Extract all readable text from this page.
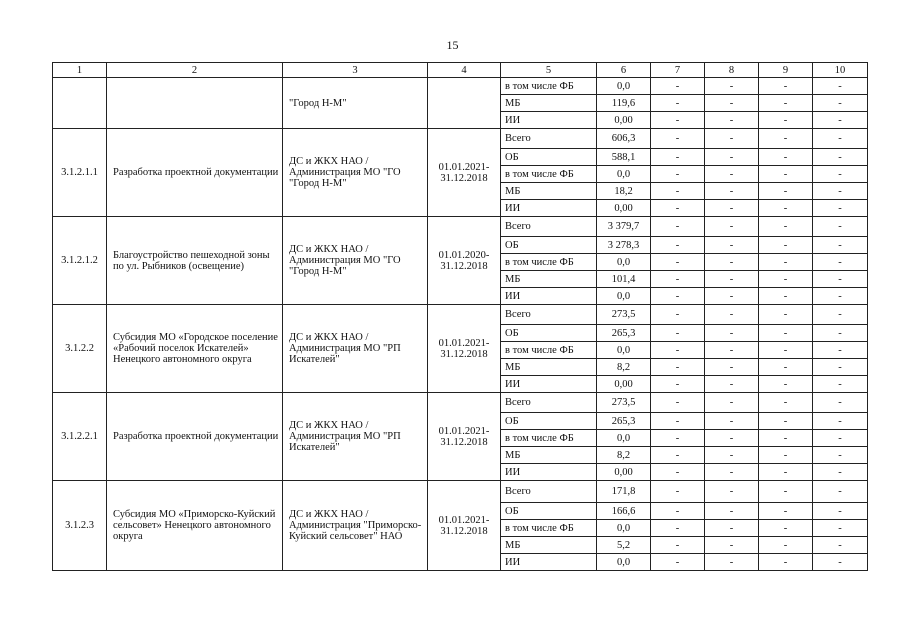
15
1	2	3	4	5	6	7	8	9	10
		"Город Н-М"		в том числе ФБ	0,0	-	-	-	-
				МБ	119,6	-	-	-	-
				ИИ	0,00	-	-	-	-
3.1.2.1.1	Разработка проектной документации	ДС и ЖКХ НАО / Администрация МО "ГО "Город Н-М"	01.01.2021-31.12.2018	Всего	606,3	-	-	-	-
				ОБ	588,1	-	-	-	-
				в том числе ФБ	0,0	-	-	-	-
				МБ	18,2	-	-	-	-
				ИИ	0,00	-	-	-	-
3.1.2.1.2	Благоустройство пешеходной зоны по ул. Рыбников (освещение)	ДС и ЖКХ НАО / Администрация МО "ГО "Город Н-М"	01.01.2020-31.12.2018	Всего	3 379,7	-	-	-	-
				ОБ	3 278,3	-	-	-	-
				в том числе ФБ	0,0	-	-	-	-
				МБ	101,4	-	-	-	-
				ИИ	0,0	-	-	-	-
3.1.2.2	Субсидия МО «Городское поселение «Рабочий поселок Искателей» Ненецкого автономного округа	ДС и ЖКХ НАО / Администрация МО "РП Искателей"	01.01.2021-31.12.2018	Всего	273,5	-	-	-	-
				ОБ	265,3	-	-	-	-
				в том числе ФБ	0,0	-	-	-	-
				МБ	8,2	-	-	-	-
				ИИ	0,00	-	-	-	-
3.1.2.2.1	Разработка проектной документации	ДС и ЖКХ НАО / Администрация МО "РП Искателей"	01.01.2021-31.12.2018	Всего	273,5	-	-	-	-
				ОБ	265,3	-	-	-	-
				в том числе ФБ	0,0	-	-	-	-
				МБ	8,2	-	-	-	-
				ИИ	0,00	-	-	-	-
3.1.2.3	Субсидия МО «Приморско-Куйский сельсовет» Ненецкого автономного округа	ДС и ЖКХ НАО / Администрация "Приморско-Куйский сельсовет" НАО	01.01.2021-31.12.2018	Всего	171,8	-	-	-	-
				ОБ	166,6	-	-	-	-
				в том числе ФБ	0,0	-	-	-	-
				МБ	5,2	-	-	-	-
				ИИ	0,0	-	-	-	-
